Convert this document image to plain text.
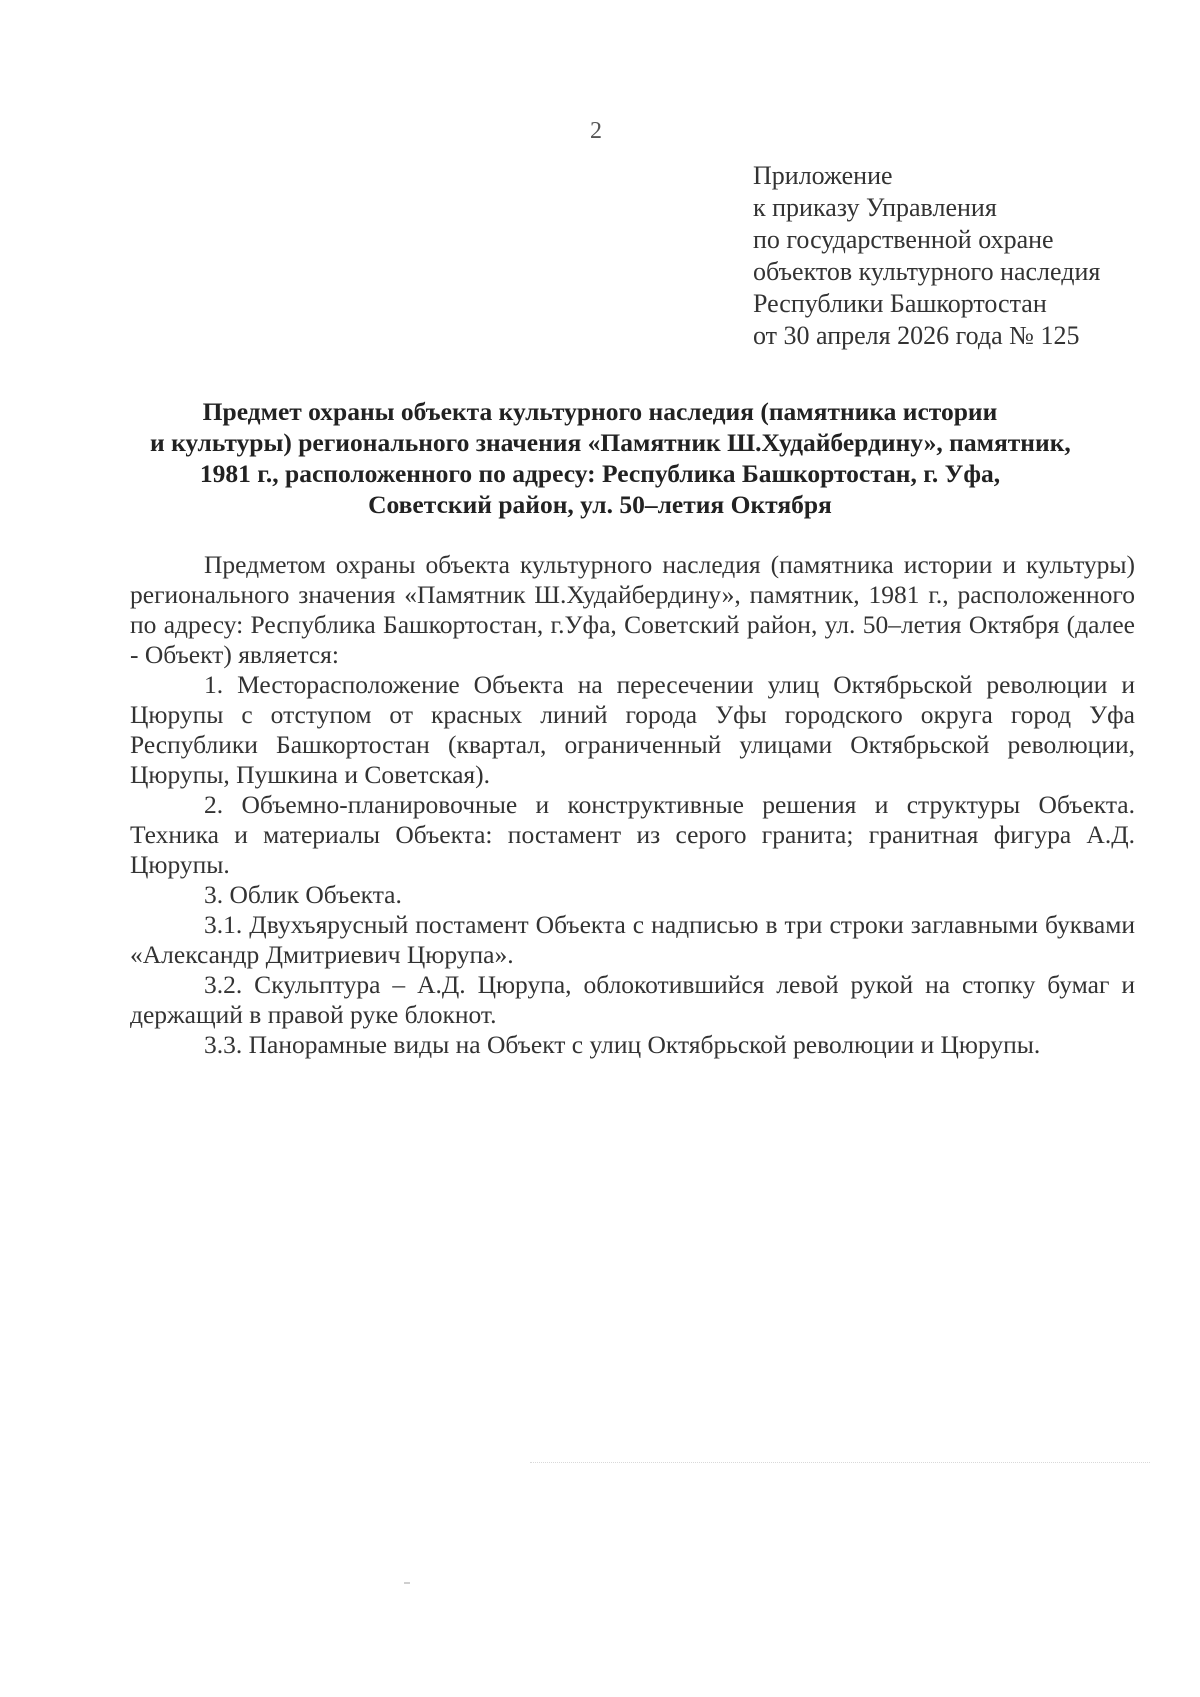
2
Приложение
к приказу Управления
по государственной охране
объектов культурного наследия
Республики Башкортостан
от 30 апреля 2026 года № 125
Предмет охраны объекта культурного наследия (памятника истории
и культуры) регионального значения «Памятник Ш.Худайбердину», памятник,
1981 г., расположенного по адресу: Республика Башкортостан, г. Уфа,
Советский район, ул. 50–летия Октября

Предметом охраны объекта культурного наследия (памятника истории и культуры) регионального значения «Памятник Ш.Худайбердину», памятник, 1981 г., расположенного по адресу: Республика Башкортостан, г.Уфа, Советский район, ул. 50–летия Октября (далее - Объект) является:

1. Месторасположение Объекта на пересечении улиц Октябрьской революции и Цюрупы с отступом от красных линий города Уфы городского округа город Уфа Республики Башкортостан (квартал, ограниченный улицами Октябрьской революции, Цюрупы, Пушкина и Советская).

2. Объемно-планировочные и конструктивные решения и структуры Объекта. Техника и материалы Объекта: постамент из серого гранита; гранитная фигура А.Д. Цюрупы.

3. Облик Объекта.

3.1. Двухъярусный постамент Объекта с надписью в три строки заглавными буквами «Александр Дмитриевич Цюрупа».

3.2. Скульптура – А.Д. Цюрупа, облокотившийся левой рукой на стопку бумаг и держащий в правой руке блокнот.

3.3. Панорамные виды на Объект с улиц Октябрьской революции и Цюрупы.
